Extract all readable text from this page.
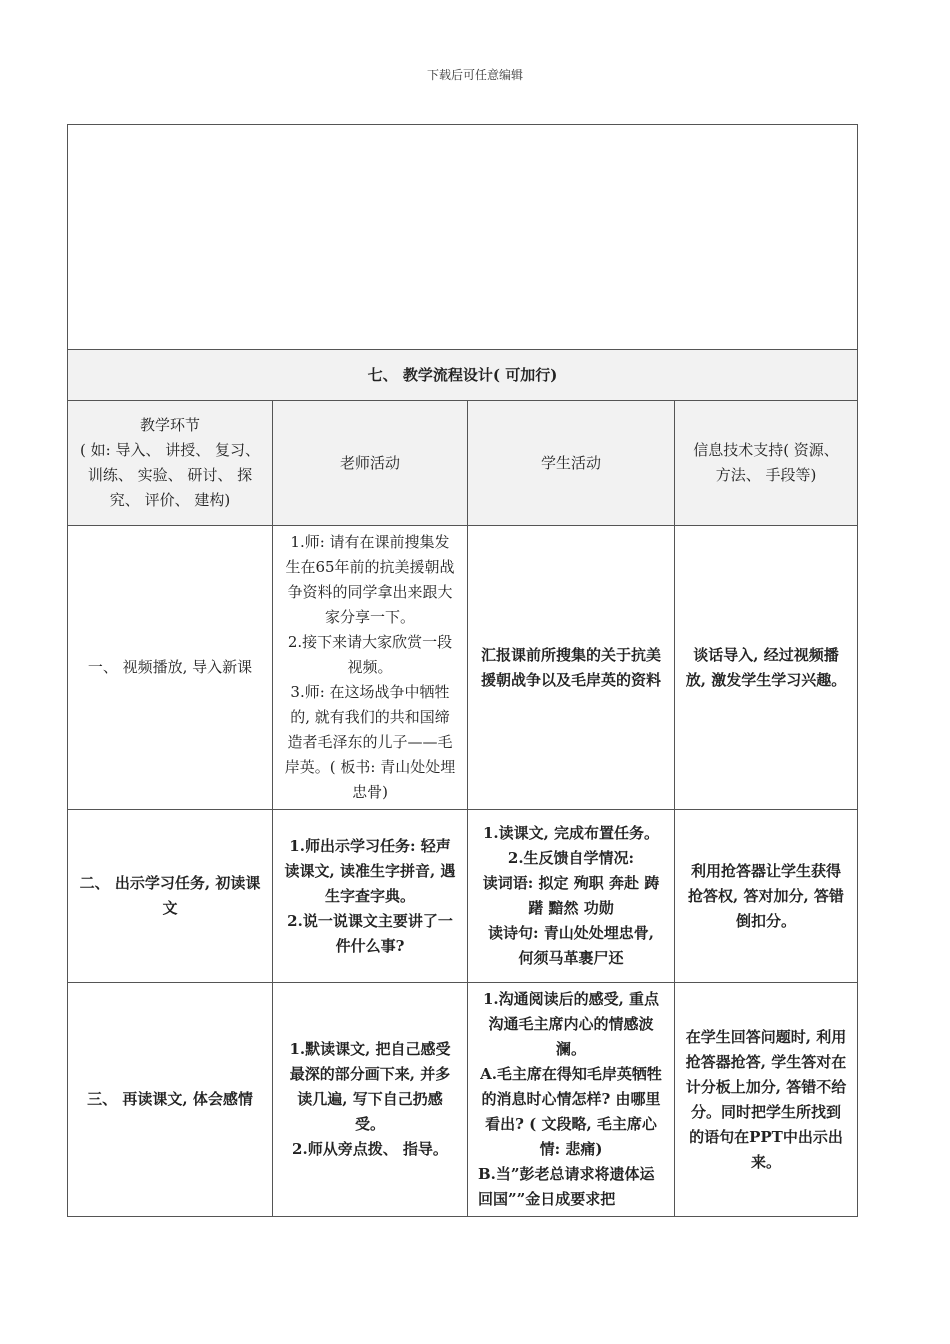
下载后可任意编辑

七、 教学流程设计( 可加行)			

教学环节
( 如: 导入、 讲授、 复习、 训练、 实验、 研讨、 探究、 评价、 建构)	老师活动	学生活动	信息技术支持( 资源、 方法、 手段等)
一、 视频播放, 导入新课	1.师: 请有在课前搜集发生在65年前的抗美援朝战争资料的同学拿出来跟大家分享一下。
2.接下来请大家欣赏一段视频。
3.师: 在这场战争中牺牲的, 就有我们的共和国缔造者毛泽东的儿子——毛岸英。( 板书: 青山处处埋忠骨)	汇报课前所搜集的关于抗美援朝战争以及毛岸英的资料	谈话导入, 经过视频播放, 激发学生学习兴趣。

二、 出示学习任务, 初读课文	1.师出示学习任务: 轻声读课文, 读准生字拼音, 遇生字查字典。
2.说一说课文主要讲了一件什么事?	1.读课文, 完成布置任务。
2.生反馈自学情况:
读词语: 拟定 殉职 奔赴 踌躇 黯然 功勋
读诗句: 青山处处埋忠骨, 何须马革裹尸还	利用抢答器让学生获得抢答权, 答对加分, 答错倒扣分。

三、 再读课文, 体会感情	1.默读课文, 把自己感受最深的部分画下来, 并多读几遍, 写下自己扔感受。
2.师从旁点拨、 指导。	1.沟通阅读后的感受, 重点沟通毛主席内心的情感波澜。
A.毛主席在得知毛岸英牺牲的消息时心情怎样? 由哪里看出? ( 文段略, 毛主席心情: 悲痛)
B.当”彭老总请求将遗体运回国””金日成要求把	在学生回答问题时, 利用抢答器抢答, 学生答对在计分板上加分, 答错不给分。同时把学生所找到的语句在PPT中出示出来。
